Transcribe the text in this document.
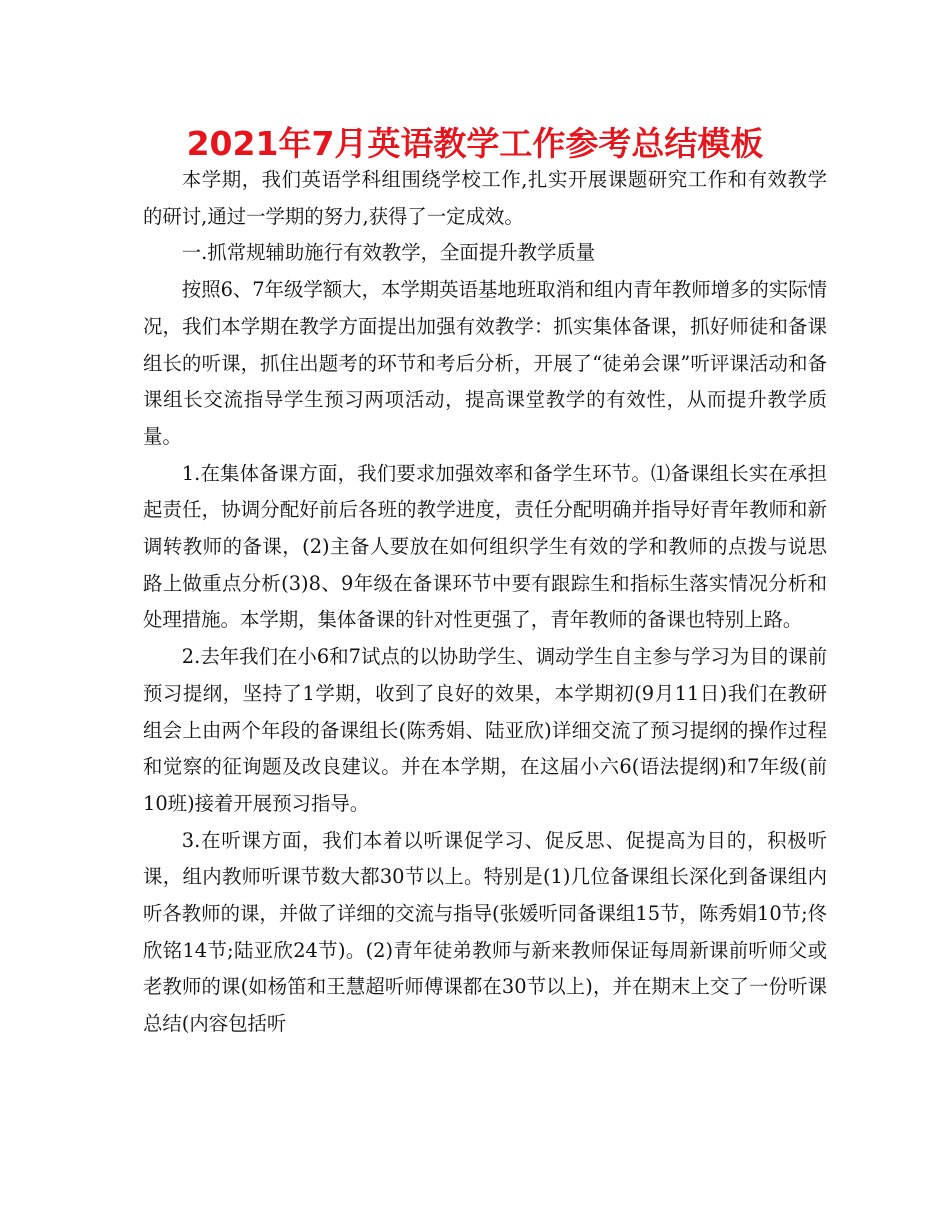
2021年7月英语教学工作参考总结模板

本学期，我们英语学科组围绕学校工作,扎实开展课题研究工作和有效教学的研讨,通过一学期的努力,获得了一定成效。

一.抓常规辅助施行有效教学，全面提升教学质量

按照6、7年级学额大，本学期英语基地班取消和组内青年教师增多的实际情况，我们本学期在教学方面提出加强有效教学：抓实集体备课，抓好师徒和备课组长的听课，抓住出题考的环节和考后分析，开展了“徒弟会课”听评课活动和备课组长交流指导学生预习两项活动，提高课堂教学的有效性，从而提升教学质量。

1.在集体备课方面，我们要求加强效率和备学生环节。⑴备课组长实在承担起责任，协调分配好前后各班的教学进度，责任分配明确并指导好青年教师和新调转教师的备课，(2)主备人要放在如何组织学生有效的学和教师的点拨与说思路上做重点分析(3)8、9年级在备课环节中要有跟踪生和指标生落实情况分析和处理措施。本学期，集体备课的针对性更强了，青年教师的备课也特别上路。

2.去年我们在小6和7试点的以协助学生、调动学生自主参与学习为目的课前预习提纲，坚持了1学期，收到了良好的效果，本学期初(9月11日)我们在教研组会上由两个年段的备课组长(陈秀娟、陆亚欣)详细交流了预习提纲的操作过程和觉察的征询题及改良建议。并在本学期，在这届小六6(语法提纲)和7年级(前10班)接着开展预习指导。

3.在听课方面，我们本着以听课促学习、促反思、促提高为目的，积极听课，组内教师听课节数大都30节以上。特别是(1)几位备课组长深化到备课组内听各教师的课，并做了详细的交流与指导(张媛听同备课组15节，陈秀娟10节;佟欣铭14节;陆亚欣24节)。(2)青年徒弟教师与新来教师保证每周新课前听师父或老教师的课(如杨笛和王慧超听师傅课都在30节以上)，并在期末上交了一份听课总结(内容包括听
